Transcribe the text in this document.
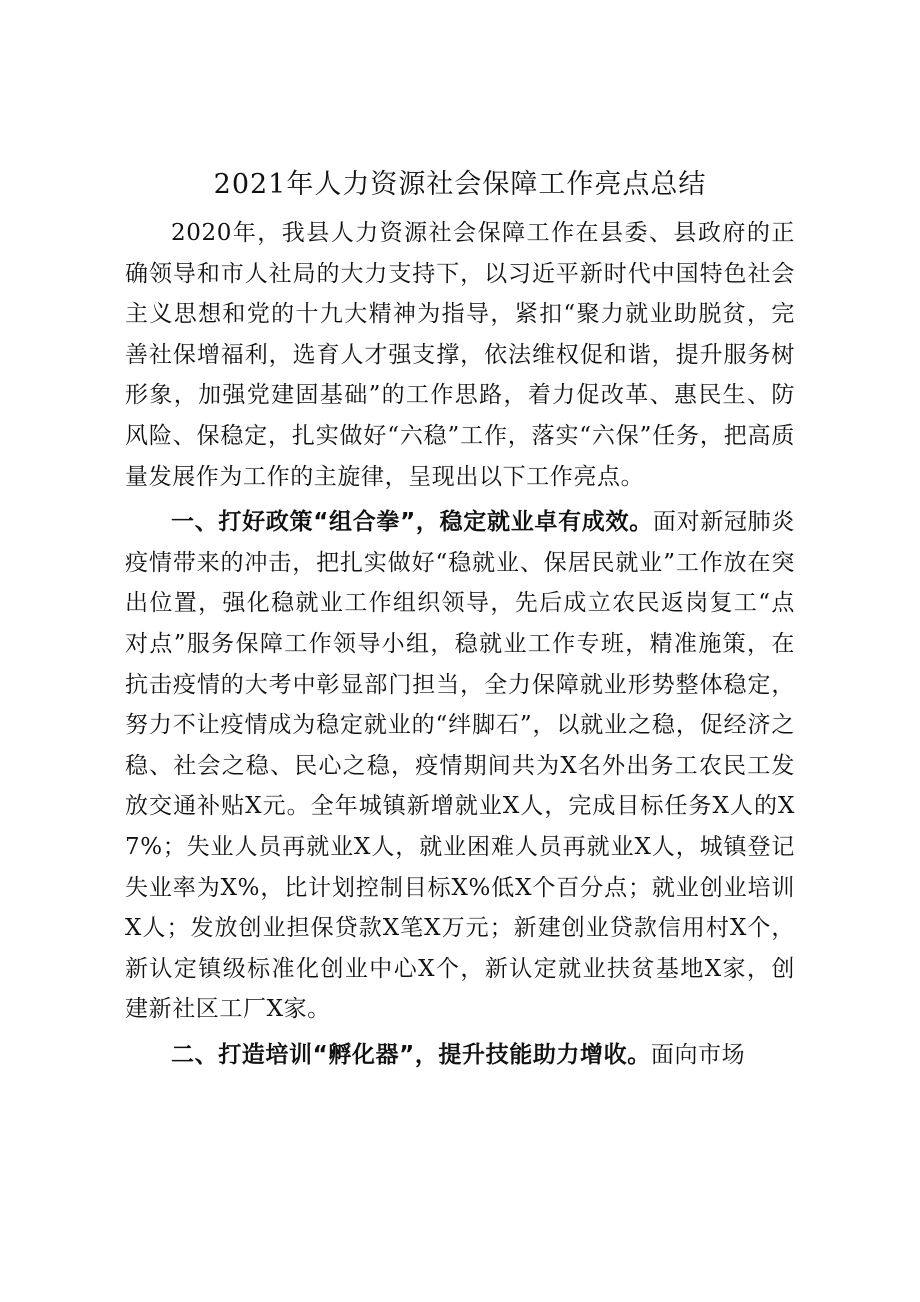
2021年人力资源社会保障工作亮点总结

2020年，我县人力资源社会保障工作在县委、县政府的正确领导和市人社局的大力支持下，以习近平新时代中国特色社会主义思想和党的十九大精神为指导，紧扣“聚力就业助脱贫，完善社保增福利，选育人才强支撑，依法维权促和谐，提升服务树形象，加强党建固基础”的工作思路，着力促改革、惠民生、防风险、保稳定，扎实做好“六稳”工作，落实“六保”任务，把高质量发展作为工作的主旋律，呈现出以下工作亮点。

一、打好政策“组合拳”，稳定就业卓有成效。面对新冠肺炎疫情带来的冲击，把扎实做好“稳就业、保居民就业”工作放在突出位置，强化稳就业工作组织领导，先后成立农民返岗复工“点对点”服务保障工作领导小组，稳就业工作专班，精准施策，在抗击疫情的大考中彰显部门担当，全力保障就业形势整体稳定，努力不让疫情成为稳定就业的“绊脚石”，以就业之稳，促经济之稳、社会之稳、民心之稳，疫情期间共为X名外出务工农民工发放交通补贴X元。全年城镇新增就业X人，完成目标任务X人的X7%；失业人员再就业X人，就业困难人员再就业X人，城镇登记失业率为X%，比计划控制目标X%低X个百分点；就业创业培训X人；发放创业担保贷款X笔X万元；新建创业贷款信用村X个，新认定镇级标准化创业中心X个，新认定就业扶贫基地X家，创建新社区工厂X家。

二、打造培训“孵化器”，提升技能助力增收。面向市场
